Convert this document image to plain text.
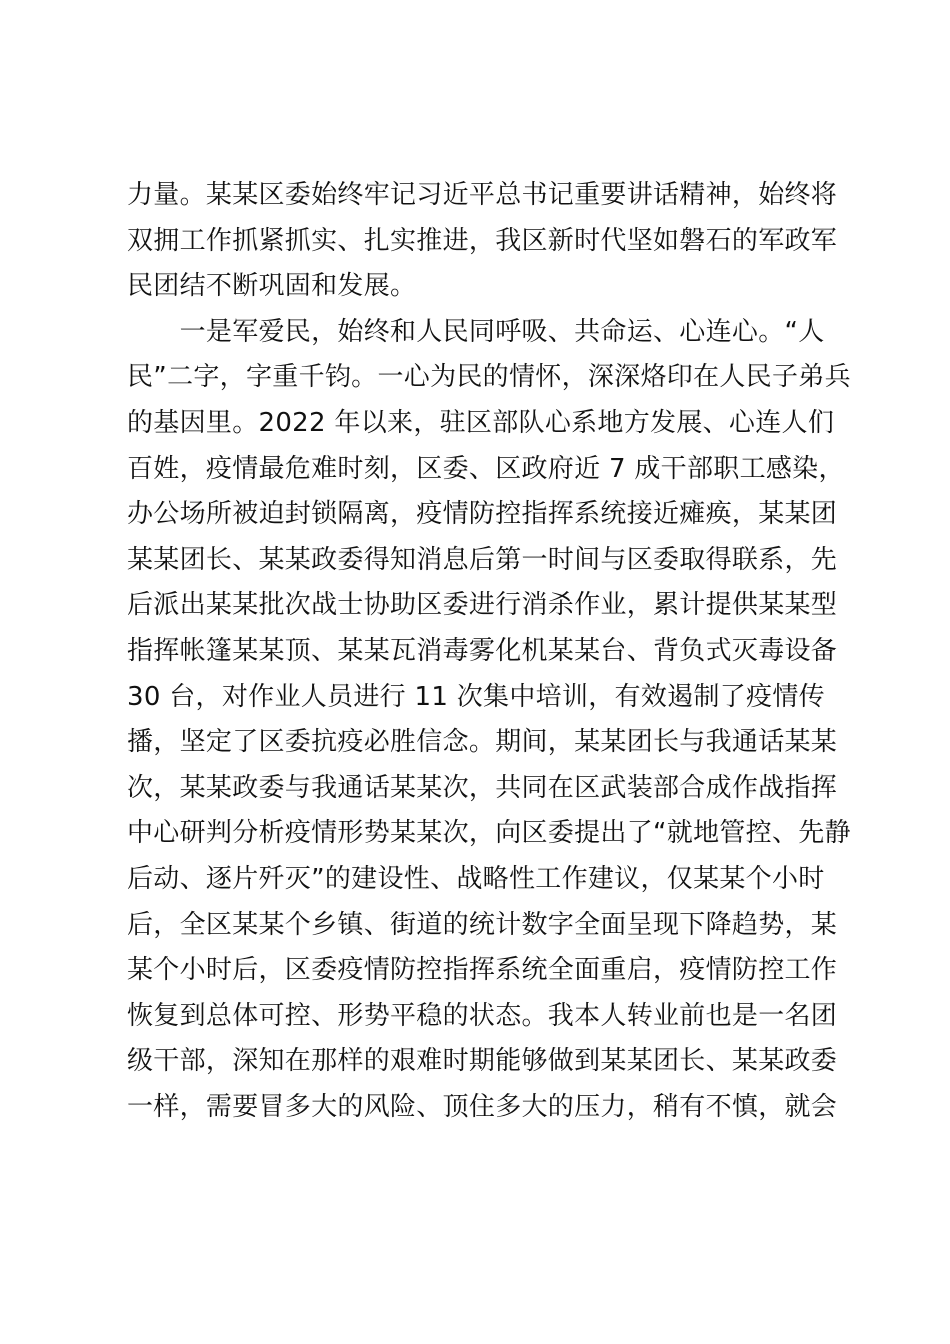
力量。某某区委始终牢记习近平总书记重要讲话精神，始终将
双拥工作抓紧抓实、扎实推进，我区新时代坚如磐石的军政军
民团结不断巩固和发展。
　　一是军爱民，始终和人民同呼吸、共命运、心连心。“人
民”二字，字重千钧。一心为民的情怀，深深烙印在人民子弟兵
的基因里。2022 年以来，驻区部队心系地方发展、心连人们
百姓，疫情最危难时刻，区委、区政府近 7 成干部职工感染，
办公场所被迫封锁隔离，疫情防控指挥系统接近瘫痪，某某团
某某团长、某某政委得知消息后第一时间与区委取得联系，先
后派出某某批次战士协助区委进行消杀作业，累计提供某某型
指挥帐篷某某顶、某某瓦消毒雾化机某某台、背负式灭毒设备
30 台，对作业人员进行 11 次集中培训，有效遏制了疫情传
播，坚定了区委抗疫必胜信念。期间，某某团长与我通话某某
次，某某政委与我通话某某次，共同在区武装部合成作战指挥
中心研判分析疫情形势某某次，向区委提出了“就地管控、先静
后动、逐片歼灭”的建设性、战略性工作建议，仅某某个小时
后，全区某某个乡镇、街道的统计数字全面呈现下降趋势，某
某个小时后，区委疫情防控指挥系统全面重启，疫情防控工作
恢复到总体可控、形势平稳的状态。我本人转业前也是一名团
级干部，深知在那样的艰难时期能够做到某某团长、某某政委
一样，需要冒多大的风险、顶住多大的压力，稍有不慎，就会
